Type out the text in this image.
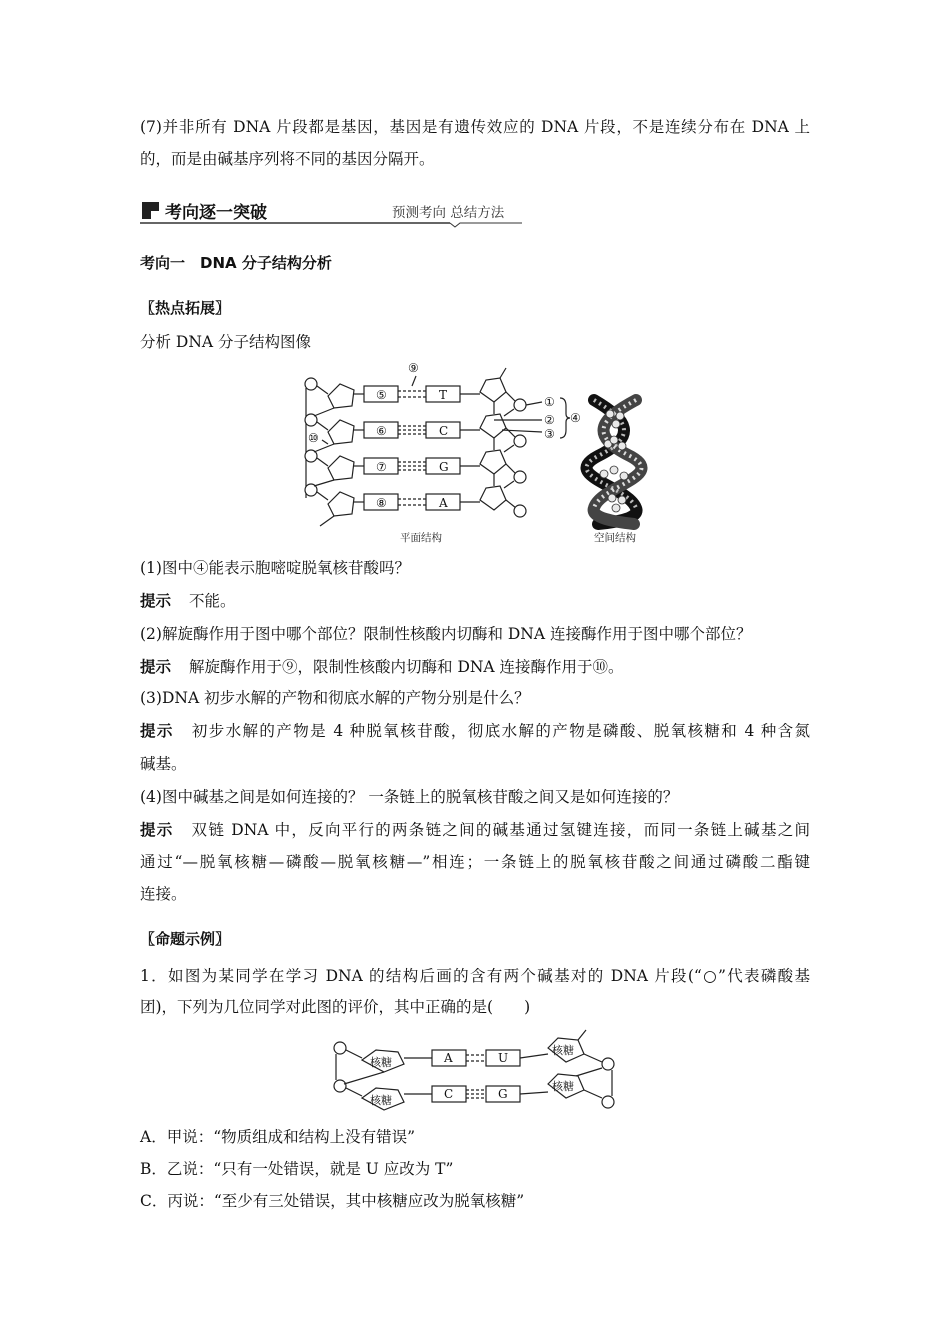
(7)并非所有 DNA 片段都是基因，基因是有遗传效应的 DNA 片段，不是连续分布在 DNA 上
的，而是由碱基序列将不同的基因分隔开。
考向逐一突破	预测考向 总结方法
考向一　DNA 分子结构分析
〖热点拓展〗
分析 DNA 分子结构图像
⑤
⑥
⑦
⑧
T
C
G
A
⑨
⑩
①
②
③
④
平面结构	空间结构
(1)图中④能表示胞嘧啶脱氧核苷酸吗？
提示 不能。
(2)解旋酶作用于图中哪个部位？限制性核酸内切酶和 DNA 连接酶作用于图中哪个部位？
提示 解旋酶作用于⑨，限制性核酸内切酶和 DNA 连接酶作用于⑩。
(3)DNA 初步水解的产物和彻底水解的产物分别是什么？
提示 初步水解的产物是 4 种脱氧核苷酸，彻底水解的产物是磷酸、脱氧核糖和 4 种含氮
碱基。
(4)图中碱基之间是如何连接的？ 一条链上的脱氧核苷酸之间又是如何连接的？
提示 双链 DNA 中，反向平行的两条链之间的碱基通过氢键连接，而同一条链上碱基之间
通过“—脱氧核糖—磷酸—脱氧核糖—”相连；一条链上的脱氧核苷酸之间通过磷酸二酯键
连接。
〖命题示例〗
1．如图为某同学在学习 DNA 的结构后画的含有两个碱基对的 DNA 片段(“○”代表磷酸基
团)，下列为几位同学对此图的评价，其中正确的是(　　)
核糖
核糖
核糖
核糖
A	U
C	G
A．甲说：“物质组成和结构上没有错误”
B．乙说：“只有一处错误，就是 U 应改为 T”
C．丙说：“至少有三处错误，其中核糖应改为脱氧核糖”
